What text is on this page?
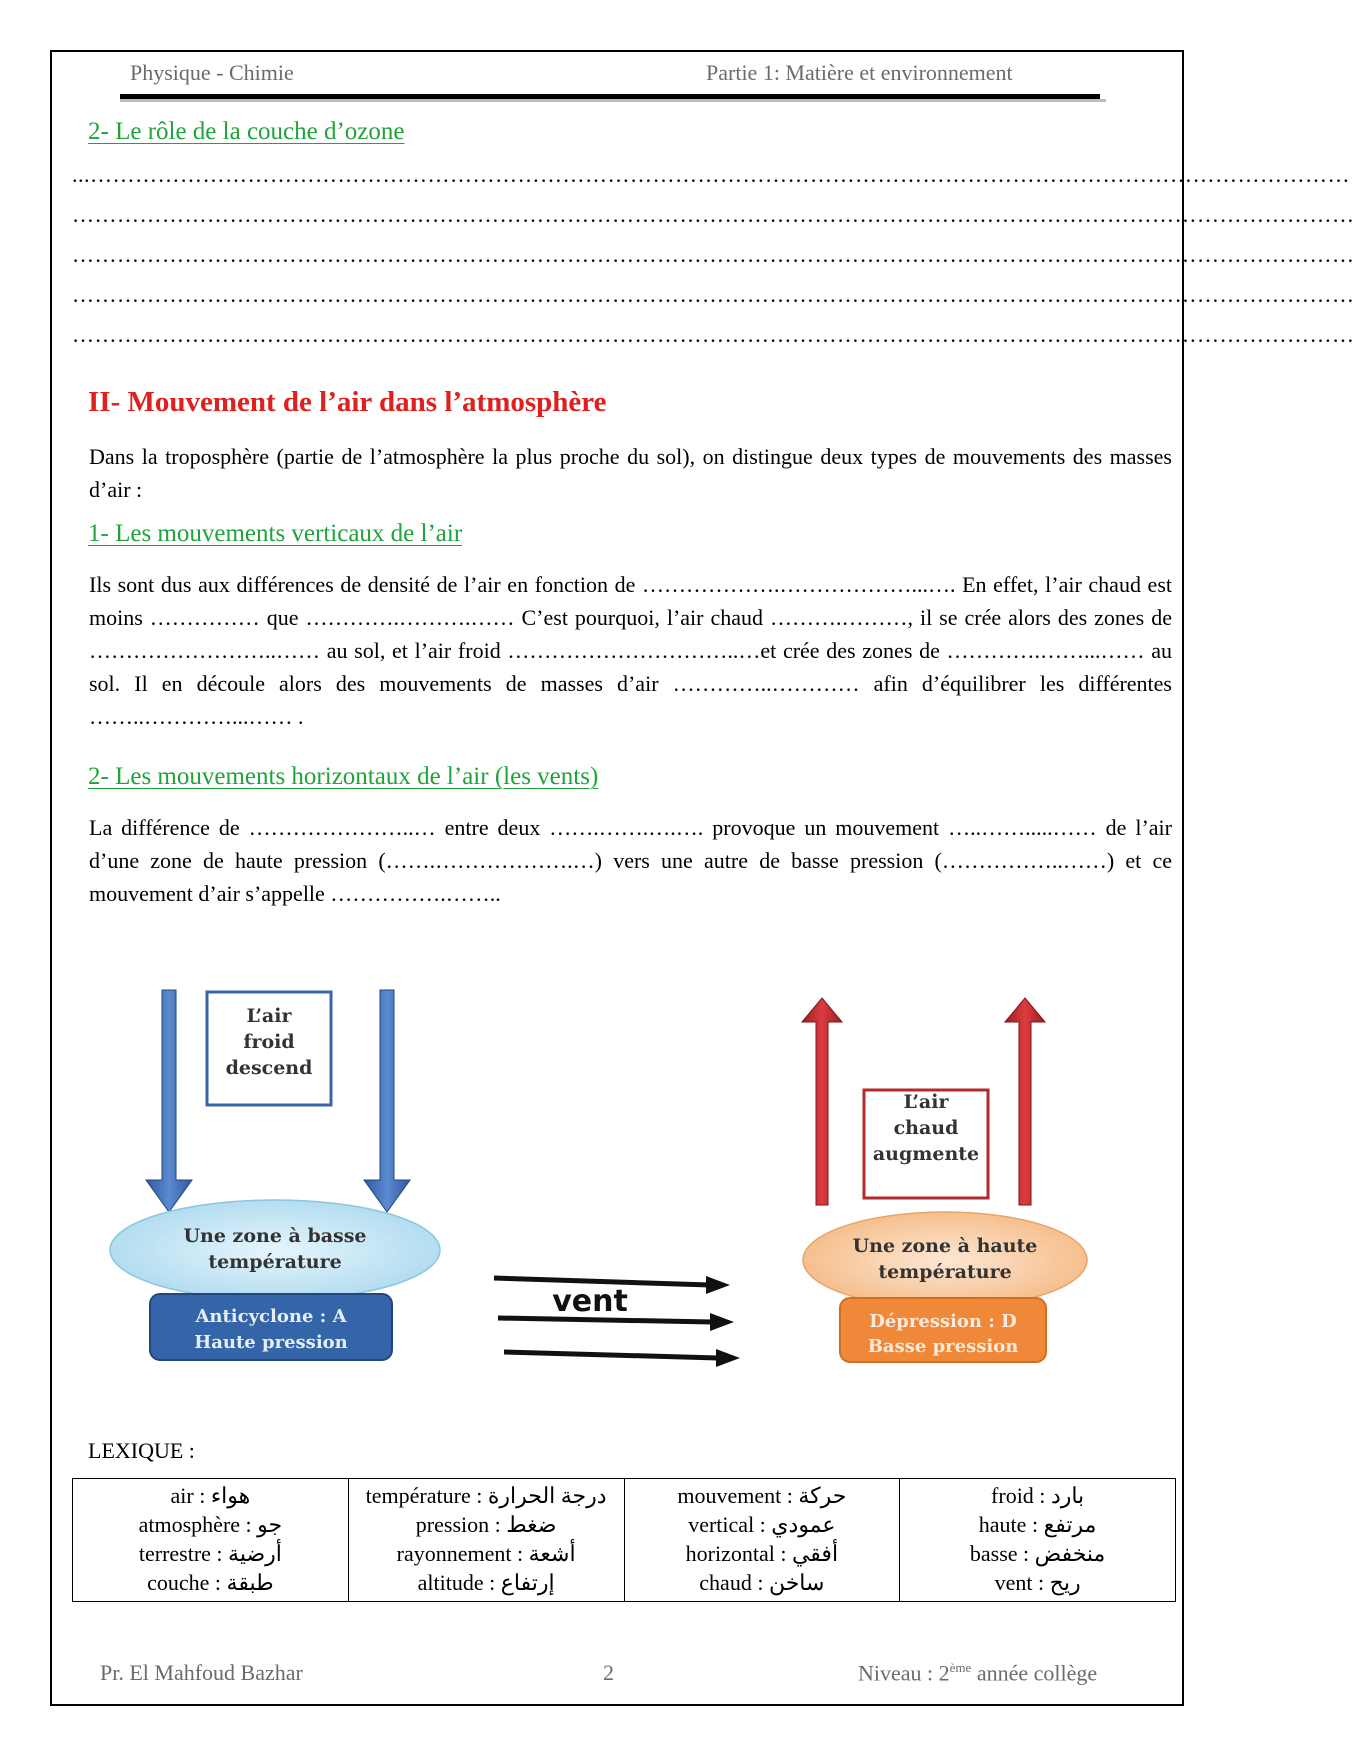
Physique - Chimie	Partie 1: Matière et environnement
2- Le rôle de la couche d’ozone
...……………………………………………………………………………………………………………………………………………………
………………………………………………………………………………………………………………………………………………………
………………………………………………………………………………………………………………………………………………………
………………………………………………………………………………………………………………………………………………………
………………………………………………………………………………………………………………………………………………………
II- Mouvement de l’air dans l’atmosphère

Dans la troposphère (partie de l’atmosphère la plus proche du sol), on distingue deux types de mouvements des masses d’air :

1- Les mouvements verticaux de l’air

Ils sont dus aux différences de densité de l’air en fonction de ……………….………………...…. En effet, l’air chaud est moins …………… que ………….……….…… C’est pourquoi, l’air chaud ……….………, il se crée alors des zones de ……………………..…… au sol, et l’air froid …………………………..…et crée des zones de ………….……...…… au sol. Il en découle alors des mouvements de masses d’air …………..………… afin d’équilibrer les différentes ……..…………...…… .

2- Les mouvements horizontaux de l’air (les vents)

La différence de …………………..… entre deux …….…….….…. provoque un mouvement …..…….....…… de l’air d’une zone de haute pression (…….……………….…) vers une autre de basse pression (……………..……) et ce mouvement d’air s’appelle …………….……..

L’air
froid
descend
Une zone à basse
température
Anticyclone : A
Haute pression
vent
L’air
chaud
augmente
Une zone à haute
température
Dépression : D
Basse pression
LEXIQUE :
air : هواء
atmosphère : جو
terrestre : أرضية
couche : طبقة

température : درجة الحرارة
pression : ضغط
rayonnement : أشعة
altitude : إرتفاع

mouvement : حركة
vertical : عمودي
horizontal : أفقي
chaud : ساخن

froid : بارد
haute : مرتفع
basse : منخفض
vent : ريح
Pr. El Mahfoud Bazhar	2	Niveau : 2ème année collège
